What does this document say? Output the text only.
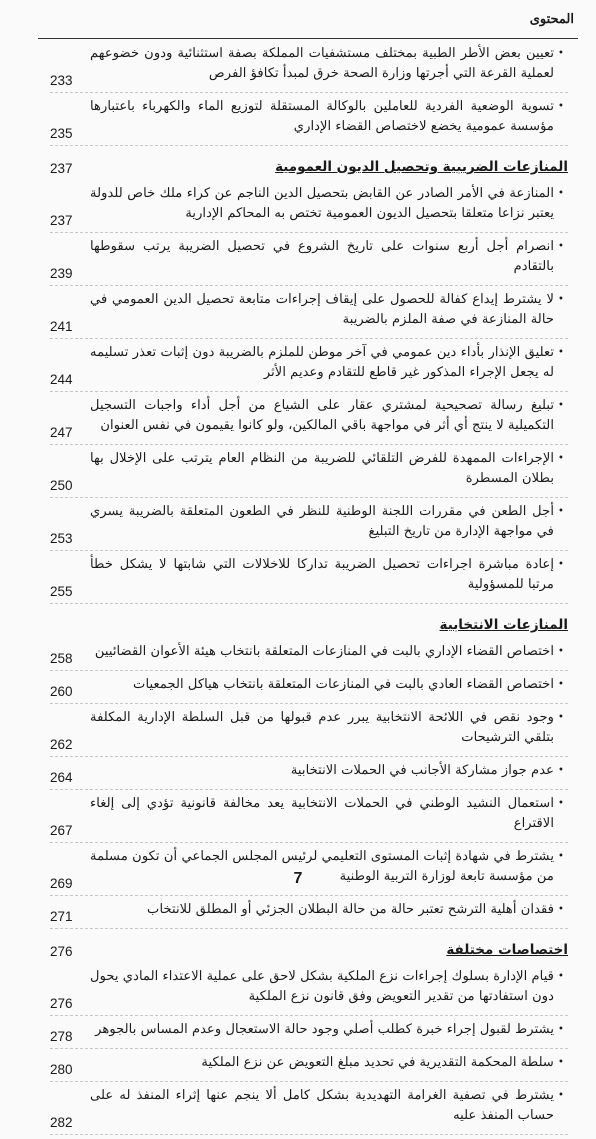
المحتوى
•
تعيين بعض الأطر الطبية بمختلف مستشفيات المملكة بصفة استثنائية ودون خضوعهم لعملية القرعة التي أجرتها وزارة الصحة خرق لمبدأ تكافؤ الفرص
233
•
تسوية الوضعية الفردية للعاملين بالوكالة المستقلة لتوزيع الماء والكهرباء باعتبارها مؤسسة عمومية يخضع لاختصاص القضاء الإداري
235
المنازعات الضريبية وتحصيل الديون العمومية
237
•
المنازعة في الأمر الصادر عن القابض بتحصيل الدين الناجم عن كراء ملك خاص للدولة يعتبر نزاعا متعلقا بتحصيل الديون العمومية تختص به المحاكم الإدارية
237
•
انصرام أجل أربع سنوات على تاريخ الشروع في تحصيل الضريبة يرتب سقوطها بالتقادم
239
•
لا يشترط إيداع كفالة للحصول على إيقاف إجراءات متابعة تحصيل الدين العمومي في حالة المنازعة في صفة الملزم بالضريبة
241
•
تعليق الإنذار بأداء دين عمومي في آخر موطن للملزم بالضريبة دون إثبات تعذر تسليمه له يجعل الإجراء المذكور غير قاطع للتقادم وعديم الأثر
244
•
تبليغ رسالة تصحيحية لمشتري عقار على الشياع من أجل أداء واجبات التسجيل التكميلية لا ينتج أي أثر في مواجهة باقي المالكين، ولو كانوا يقيمون في نفس العنوان
247
•
الإجراءات الممهدة للفرض التلقائي للضريبة من النظام العام يترتب على الإخلال بها بطلان المسطرة
250
•
أجل الطعن في مقررات اللجنة الوطنية للنظر في الطعون المتعلقة بالضريبة يسري في مواجهة الإدارة من تاريخ التبليغ
253
•
إعادة مباشرة اجراءات تحصيل الضريبة تداركا للاخلالات التي شابتها لا يشكل خطأ مرتبا للمسؤولية
255
المنازعات الانتخابية
•
اختصاص القضاء الإداري بالبت في المنازعات المتعلقة بانتخاب هيئة الأعوان القضائيين
258
•
اختصاص القضاء العادي بالبت في المنازعات المتعلقة بانتخاب هياكل الجمعيات
260
•
وجود نقص في اللائحة الانتخابية يبرر عدم قبولها من قبل السلطة الإدارية المكلفة بتلقي الترشيحات
262
•
عدم جواز مشاركة الأجانب في الحملات الانتخابية
264
•
استعمال النشيد الوطني في الحملات الانتخابية يعد مخالفة قانونية تؤدي إلى إلغاء الاقتراع
267
•
يشترط في شهادة إثبات المستوى التعليمي لرئيس المجلس الجماعي أن تكون مسلمة من مؤسسة تابعة لوزارة التربية الوطنية
269
•
فقدان أهلية الترشح تعتبر حالة من حالة البطلان الجزئي أو المطلق للانتخاب
271
اختصاصات مختلفة
276
•
قيام الإدارة بسلوك إجراءات نزع الملكية بشكل لاحق على عملية الاعتداء المادي يحول دون استفادتها من تقدير التعويض وفق قانون نزع الملكية
276
•
يشترط لقبول إجراء خبرة كطلب أصلي وجود حالة الاستعجال وعدم المساس بالجوهر
278
•
سلطة المحكمة التقديرية في تحديد مبلغ التعويض عن نزع الملكية
280
•
يشترط في تصفية الغرامة التهديدية بشكل كامل ألا ينجم عنها إثراء المنفذ له على حساب المنفذ عليه
282
7
